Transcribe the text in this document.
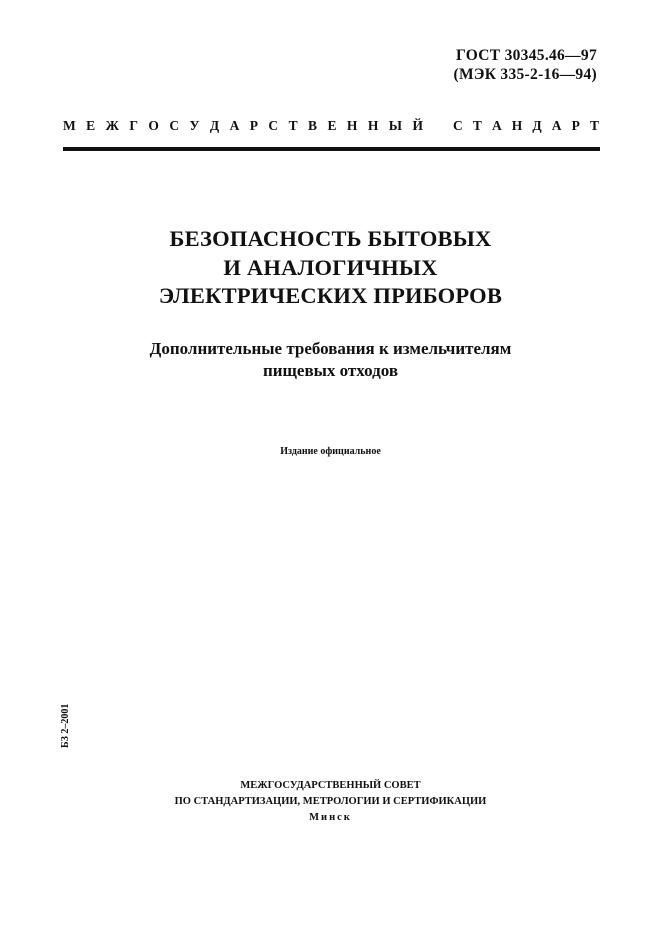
ГОСТ 30345.46—97
(МЭК 335-2-16—94)
М Е Ж Г О С У Д А Р С Т В Е Н Н Ы Й С Т А Н Д А Р Т
БЕЗОПАСНОСТЬ БЫТОВЫХ
И АНАЛОГИЧНЫХ
ЭЛЕКТРИЧЕСКИХ ПРИБОРОВ
Дополнительные требования к измельчителям
пищевых отходов
Издание официальное
БЗ 2–2001
МЕЖГОСУДАРСТВЕННЫЙ СОВЕТ
ПО СТАНДАРТИЗАЦИИ, МЕТРОЛОГИИ И СЕРТИФИКАЦИИ
Минск
